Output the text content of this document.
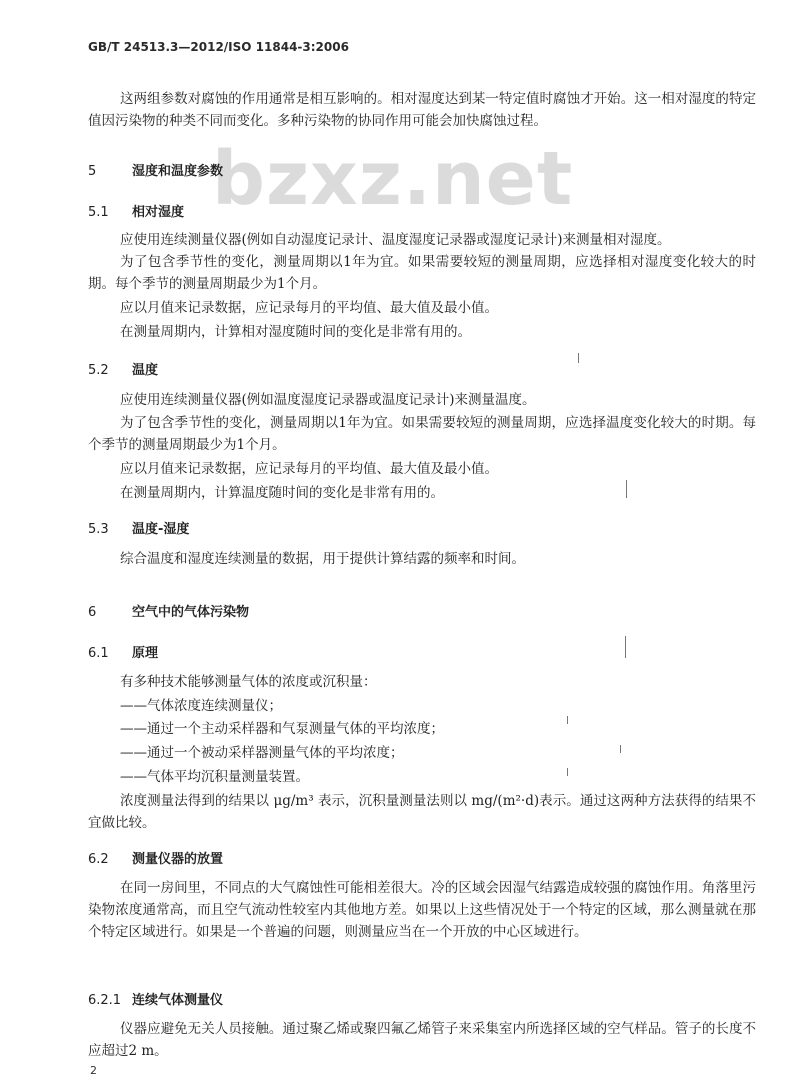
GB/T 24513.3—2012/ISO 11844-3:2006
bzxz.net
这两组参数对腐蚀的作用通常是相互影响的。相对湿度达到某一特定值时腐蚀才开始。这一相对湿度的特定值因污染物的种类不同而变化。多种污染物的协同作用可能会加快腐蚀过程。
5	湿度和温度参数
5.1 相对湿度
应使用连续测量仪器(例如自动湿度记录计、温度湿度记录器或湿度记录计)来测量相对湿度。
为了包含季节性的变化，测量周期以1年为宜。如果需要较短的测量周期，应选择相对湿度变化较大的时期。每个季节的测量周期最少为1个月。
应以月值来记录数据，应记录每月的平均值、最大值及最小值。
在测量周期内，计算相对湿度随时间的变化是非常有用的。
5.2 温度
应使用连续测量仪器(例如温度湿度记录器或温度记录计)来测量温度。
为了包含季节性的变化，测量周期以1年为宜。如果需要较短的测量周期，应选择温度变化较大的时期。每个季节的测量周期最少为1个月。
应以月值来记录数据，应记录每月的平均值、最大值及最小值。
在测量周期内，计算温度随时间的变化是非常有用的。
5.3 温度-湿度
综合温度和湿度连续测量的数据，用于提供计算结露的频率和时间。
6	空气中的气体污染物
6.1 原理
有多种技术能够测量气体的浓度或沉积量：
——气体浓度连续测量仪；
——通过一个主动采样器和气泵测量气体的平均浓度；
——通过一个被动采样器测量气体的平均浓度；
——气体平均沉积量测量装置。
浓度测量法得到的结果以 μg/m³ 表示，沉积量测量法则以 mg/(m²·d)表示。通过这两种方法获得的结果不宜做比较。
6.2 测量仪器的放置
在同一房间里，不同点的大气腐蚀性可能相差很大。冷的区域会因湿气结露造成较强的腐蚀作用。角落里污染物浓度通常高，而且空气流动性较室内其他地方差。如果以上这些情况处于一个特定的区域，那么测量就在那个特定区域进行。如果是一个普遍的问题，则测量应当在一个开放的中心区域进行。
6.2.1 连续气体测量仪
仪器应避免无关人员接触。通过聚乙烯或聚四氟乙烯管子来采集室内所选择区域的空气样品。管子的长度不应超过2 m。
2
